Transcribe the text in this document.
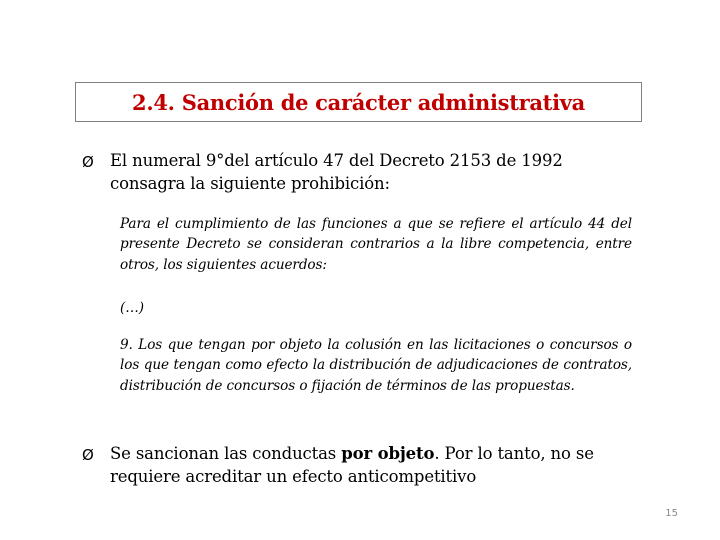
2.4. Sanción de carácter administrativa
Ø El numeral 9°del artículo 47 del Decreto 2153 de 1992 consagra la siguiente prohibición:
Para el cumplimiento de las funciones a que se refiere el artículo 44 del presente Decreto se consideran contrarios a la libre competencia, entre otros, los siguientes acuerdos:
(…)
9. Los que tengan por objeto la colusión en las licitaciones o concursos o los que tengan como efecto la distribución de adjudicaciones de contratos, distribución de concursos o fijación de términos de las propuestas.
Ø Se sancionan las conductas por objeto. Por lo tanto, no se requiere acreditar un efecto anticompetitivo
15
